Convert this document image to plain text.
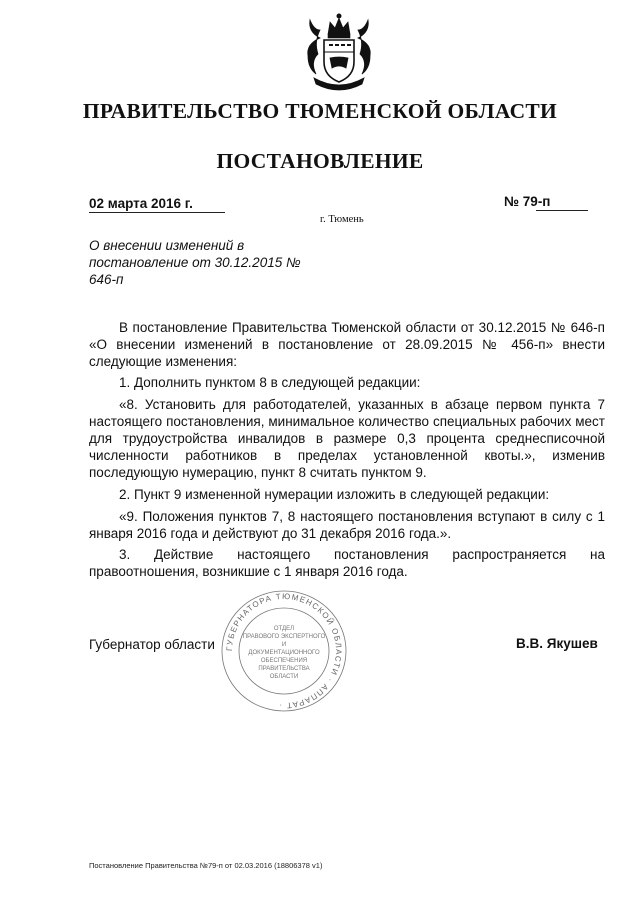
ПРАВИТЕЛЬСТВО ТЮМЕНСКОЙ ОБЛАСТИ
ПОСТАНОВЛЕНИЕ
02 марта 2016 г.	№ 79-п
г. Тюмень
О внесении изменений в постановление от 30.12.2015 № 646-п
В постановление Правительства Тюменской области от 30.12.2015 № 646-п «О внесении изменений в постановление от 28.09.2015 № 456-п» внести следующие изменения:
1. Дополнить пунктом 8 в следующей редакции:
«8. Установить для работодателей, указанных в абзаце первом пункта 7 настоящего постановления, минимальное количество специальных рабочих мест для трудоустройства инвалидов в размере 0,3 процента среднесписочной численности работников в пределах установленной квоты.», изменив последующую нумерацию, пункт 8 считать пунктом 9.
2. Пункт 9 измененной нумерации изложить в следующей редакции:
«9. Положения пунктов 7, 8 настоящего постановления вступают в силу с 1 января 2016 года и действуют до 31 декабря 2016 года.».
3. Действие настоящего постановления распространяется на правоотношения, возникшие с 1 января 2016 года.
ГУБЕРНАТОРА ТЮМЕНСКОЙ ОБЛАСТИ · АППАРАТ ·
ОТДЕЛ
ПРАВОВОГО ЭКСПЕРТНОГО
И
ДОКУМЕНТАЦИОННОГО
ОБЕСПЕЧЕНИЯ
ПРАВИТЕЛЬСТВА
ОБЛАСТИ
Губернатор области	В.В. Якушев
Постановление Правительства №79-п от 02.03.2016 (18806378 v1)
